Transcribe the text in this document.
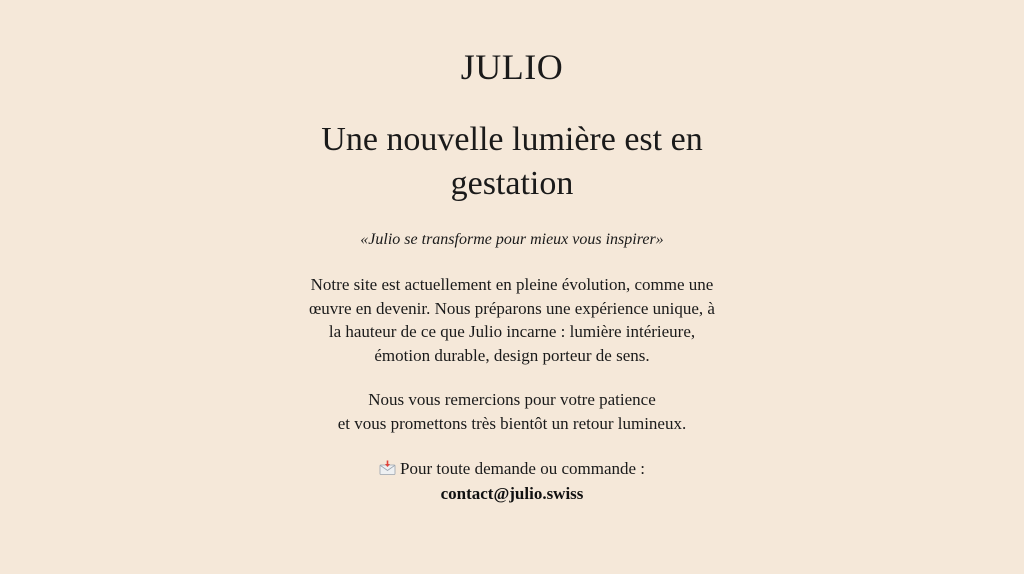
JULIO
Une nouvelle lumière est en
gestation
«Julio se transforme pour mieux vous inspirer»
Notre site est actuellement en pleine évolution, comme une
œuvre en devenir. Nous préparons une expérience unique, à
la hauteur de ce que Julio incarne : lumière intérieure,
émotion durable, design porteur de sens.
Nous vous remercions pour votre patience
et vous promettons très bientôt un retour lumineux.
Pour toute demande ou commande :
contact@julio.swiss
